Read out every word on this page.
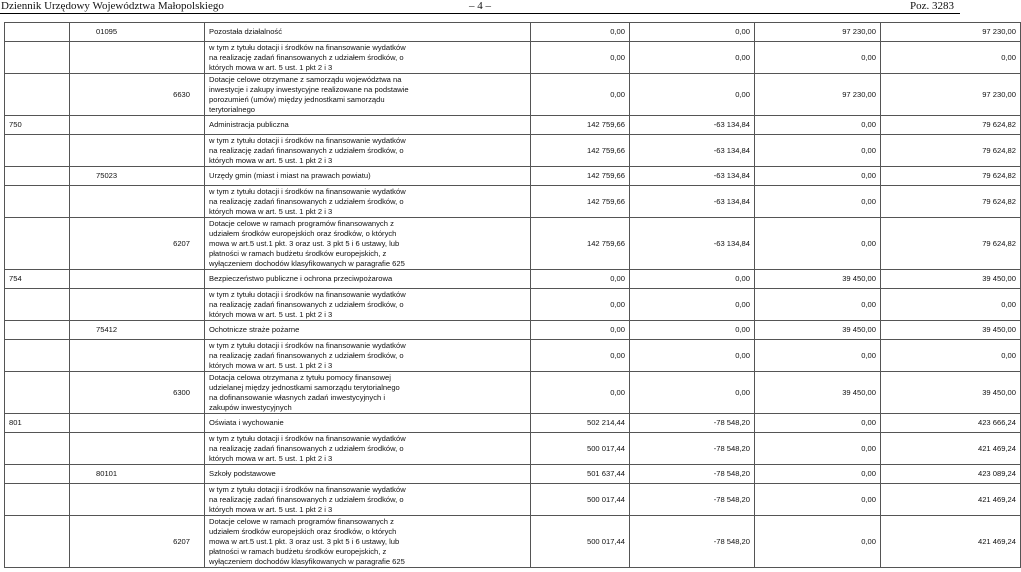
Dziennik Urzędowy Województwa Małopolskiego	– 4 –	Poz. 3283

	01095	Pozostała działalność	0,00	0,00	97 230,00	97 230,00

		w tym z tytułu dotacji i środków na finansowanie wydatków
na realizację zadań finansowanych z udziałem środków, o
których mowa w art. 5 ust. 1 pkt 2 i 3	0,00	0,00	0,00	0,00

	6630	Dotacje celowe otrzymane z samorządu województwa na
inwestycje i zakupy inwestycyjne realizowane na podstawie
porozumień (umów) między jednostkami samorządu
terytorialnego	0,00	0,00	97 230,00	97 230,00
750		Administracja publiczna	142 759,66	-63 134,84	0,00	79 624,82

		w tym z tytułu dotacji i środków na finansowanie wydatków
na realizację zadań finansowanych z udziałem środków, o
których mowa w art. 5 ust. 1 pkt 2 i 3	142 759,66	-63 134,84	0,00	79 624,82

	75023	Urzędy gmin (miast i miast na prawach powiatu)	142 759,66	-63 134,84	0,00	79 624,82

		w tym z tytułu dotacji i środków na finansowanie wydatków
na realizację zadań finansowanych z udziałem środków, o
których mowa w art. 5 ust. 1 pkt 2 i 3	142 759,66	-63 134,84	0,00	79 624,82

	6207	Dotacje celowe w ramach programów finansowanych z
udziałem środków europejskich oraz środków, o których
mowa w art.5 ust.1 pkt. 3 oraz ust. 3 pkt 5 i 6 ustawy, lub
płatności w ramach budżetu środków europejskich, z
wyłączeniem dochodów klasyfikowanych w paragrafie 625	142 759,66	-63 134,84	0,00	79 624,82
754		Bezpieczeństwo publiczne i ochrona przeciwpożarowa	0,00	0,00	39 450,00	39 450,00

		w tym z tytułu dotacji i środków na finansowanie wydatków
na realizację zadań finansowanych z udziałem środków, o
których mowa w art. 5 ust. 1 pkt 2 i 3	0,00	0,00	0,00	0,00

	75412	Ochotnicze straże pożarne	0,00	0,00	39 450,00	39 450,00

		w tym z tytułu dotacji i środków na finansowanie wydatków
na realizację zadań finansowanych z udziałem środków, o
których mowa w art. 5 ust. 1 pkt 2 i 3	0,00	0,00	0,00	0,00

	6300	Dotacja celowa otrzymana z tytułu pomocy finansowej
udzielanej między jednostkami samorządu terytorialnego
na dofinansowanie własnych zadań inwestycyjnych i
zakupów inwestycyjnych	0,00	0,00	39 450,00	39 450,00
801		Oświata i wychowanie	502 214,44	-78 548,20	0,00	423 666,24

		w tym z tytułu dotacji i środków na finansowanie wydatków
na realizację zadań finansowanych z udziałem środków, o
których mowa w art. 5 ust. 1 pkt 2 i 3	500 017,44	-78 548,20	0,00	421 469,24

	80101	Szkoły podstawowe	501 637,44	-78 548,20	0,00	423 089,24

		w tym z tytułu dotacji i środków na finansowanie wydatków
na realizację zadań finansowanych z udziałem środków, o
których mowa w art. 5 ust. 1 pkt 2 i 3	500 017,44	-78 548,20	0,00	421 469,24

	6207	Dotacje celowe w ramach programów finansowanych z
udziałem środków europejskich oraz środków, o których
mowa w art.5 ust.1 pkt. 3 oraz ust. 3 pkt 5 i 6 ustawy, lub
płatności w ramach budżetu środków europejskich, z
wyłączeniem dochodów klasyfikowanych w paragrafie 625	500 017,44	-78 548,20	0,00	421 469,24
